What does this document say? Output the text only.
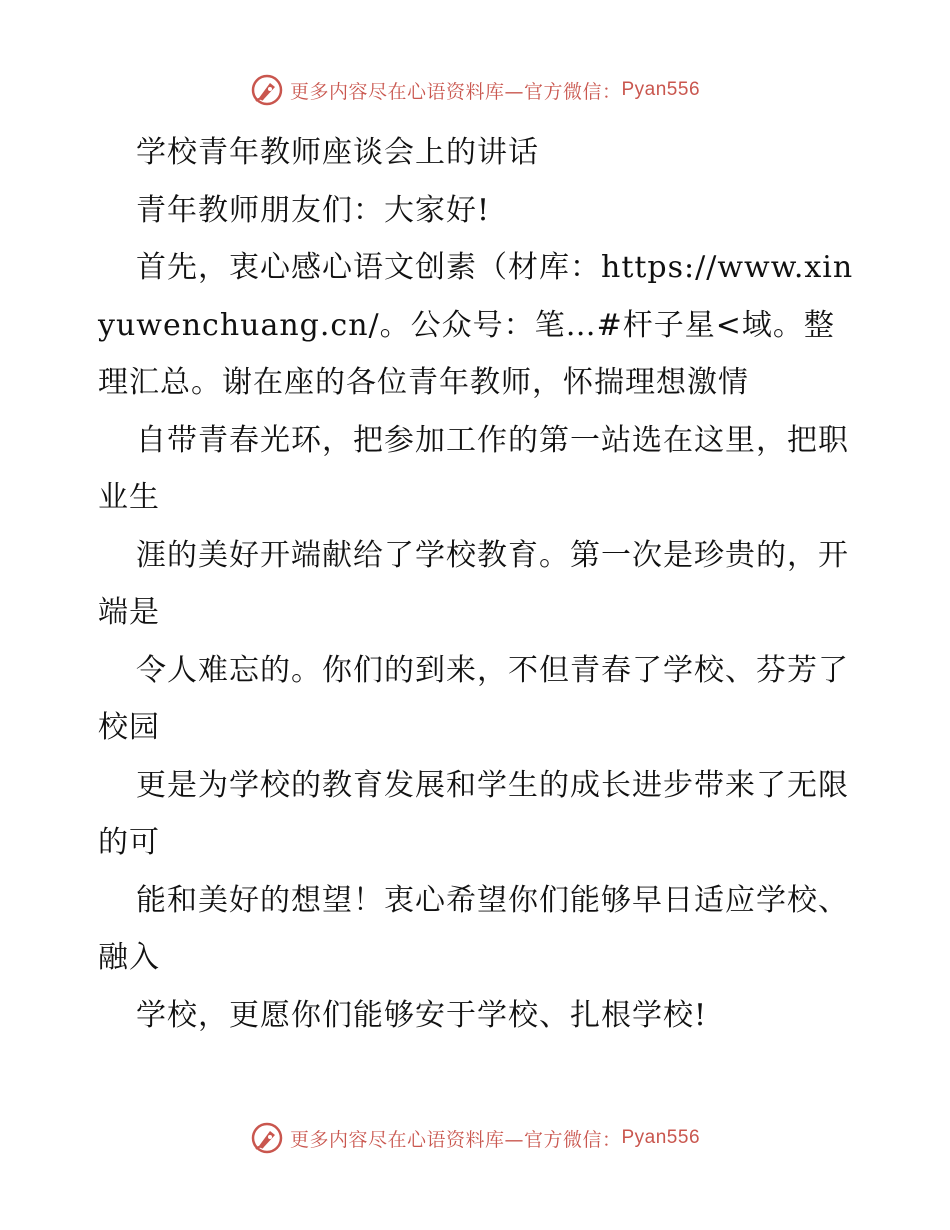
更多内容尽在心语资料库—官方微信： Pyan556

学校青年教师座谈会上的讲话

青年教师朋友们：大家好!

首先，衷心感心语文创素（材库：https://www.xinyuwenchuang.cn/。公众号：笔…#杆子星<域。整理汇总。谢在座的各位青年教师，怀揣理想激情

自带青春光环，把参加工作的第一站选在这里，把职业生

涯的美好开端献给了学校教育。第一次是珍贵的，开端是

令人难忘的。你们的到来，不但青春了学校、芬芳了校园

更是为学校的教育发展和学生的成长进步带来了无限的可

能和美好的想望！衷心希望你们能够早日适应学校、融入

学校，更愿你们能够安于学校、扎根学校!

更多内容尽在心语资料库—官方微信： Pyan556
